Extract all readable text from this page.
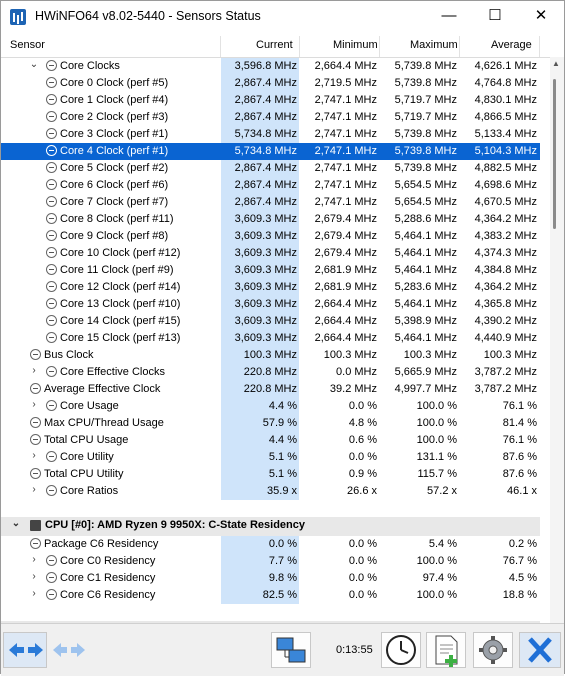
HWiNFO64 v8.02-5440 - Sensors Status	—	☐	✕
Sensor	Current	Minimum	Maximum	Average
⌄ Core Clocks	3,596.8 MHz 2,664.4 MHz 5,739.8 MHz 4,626.1 MHz
Core 0 Clock (perf #5)	2,867.4 MHz 2,719.5 MHz 5,739.8 MHz 4,764.8 MHz
Core 1 Clock (perf #4)	2,867.4 MHz 2,747.1 MHz 5,719.7 MHz 4,830.1 MHz
Core 2 Clock (perf #3)	2,867.4 MHz 2,747.1 MHz 5,719.7 MHz 4,866.5 MHz
Core 3 Clock (perf #1)	5,734.8 MHz 2,747.1 MHz 5,739.8 MHz 5,133.4 MHz
Core 4 Clock (perf #1)	5,734.8 MHz 2,747.1 MHz 5,739.8 MHz 5,104.3 MHz
Core 5 Clock (perf #2)	2,867.4 MHz 2,747.1 MHz 5,739.8 MHz 4,882.5 MHz
Core 6 Clock (perf #6)	2,867.4 MHz 2,747.1 MHz 5,654.5 MHz 4,698.6 MHz
Core 7 Clock (perf #7)	2,867.4 MHz 2,747.1 MHz 5,654.5 MHz 4,670.5 MHz
Core 8 Clock (perf #11)	3,609.3 MHz 2,679.4 MHz 5,288.6 MHz 4,364.2 MHz
Core 9 Clock (perf #8)	3,609.3 MHz 2,679.4 MHz 5,464.1 MHz 4,383.2 MHz
Core 10 Clock (perf #12)	3,609.3 MHz 2,679.4 MHz 5,464.1 MHz 4,374.3 MHz
Core 11 Clock (perf #9)	3,609.3 MHz 2,681.9 MHz 5,464.1 MHz 4,384.8 MHz
Core 12 Clock (perf #14)	3,609.3 MHz 2,681.9 MHz 5,283.6 MHz 4,364.2 MHz
Core 13 Clock (perf #10)	3,609.3 MHz 2,664.4 MHz 5,464.1 MHz 4,365.8 MHz
Core 14 Clock (perf #15)	3,609.3 MHz 2,664.4 MHz 5,398.9 MHz 4,390.2 MHz
Core 15 Clock (perf #13)	3,609.3 MHz 2,664.4 MHz 5,464.1 MHz 4,440.9 MHz
Bus Clock	100.3 MHz 100.3 MHz 100.3 MHz 100.3 MHz
›	Core Effective Clocks	220.8 MHz	0.0 MHz 5,665.9 MHz 3,787.2 MHz
Average Effective Clock	220.8 MHz	39.2 MHz 4,997.7 MHz 3,787.2 MHz
›	Core Usage	4.4 %	0.0 %	100.0 %	76.1 %
Max CPU/Thread Usage	57.9 %	4.8 %	100.0 %	81.4 %
Total CPU Usage	4.4 %	0.6 %	100.0 %	76.1 %
›	Core Utility	5.1 %	0.0 %	131.1 %	87.6 %
Total CPU Utility	5.1 %	0.9 %	115.7 %	87.6 %
›	Core Ratios	35.9 x	26.6 x	57.2 x	46.1 x
⌄ CPU [#0]: AMD Ryzen 9 9950X: C-State Residency
Package C6 Residency	0.0 %	0.0 %	5.4 %	0.2 %
›	Core C0 Residency	7.7 %	0.0 %	100.0 %	76.7 %
›	Core C1 Residency	9.8 %	0.0 %	97.4 %	4.5 %
›	Core C6 Residency	82.5 %	0.0 %	100.0 %	18.8 %
▲
0:13:55
